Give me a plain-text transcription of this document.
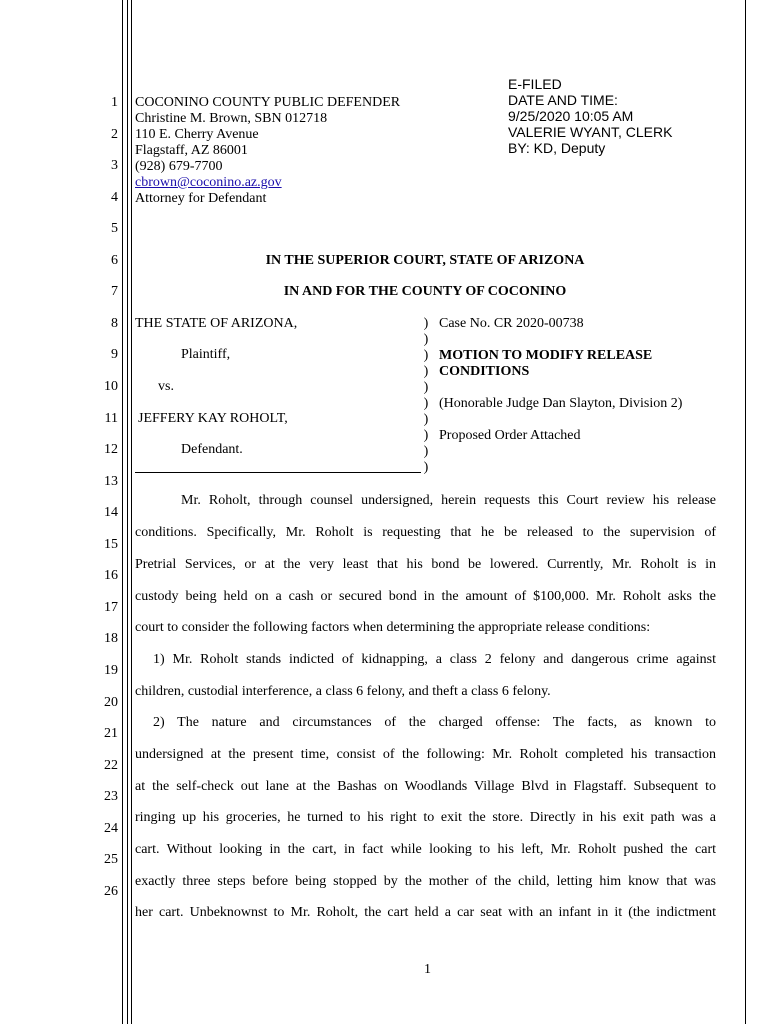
1
2
3
4
5
6
7
8
9
10
11
12
13
14
15
16
17
18
19
20
21
22
23
24
25
26
COCONINO COUNTY PUBLIC DEFENDER
Christine M. Brown, SBN 012718
110 E. Cherry Avenue
Flagstaff, AZ 86001
(928) 679-7700
cbrown@coconino.az.gov
Attorney for Defendant
E-FILED
DATE AND TIME:
9/25/2020 10:05 AM
VALERIE WYANT, CLERK
BY: KD, Deputy
IN THE SUPERIOR COURT, STATE OF ARIZONA
IN AND FOR THE COUNTY OF COCONINO
THE STATE OF ARIZONA,
Plaintiff,
vs.
JEFFERY KAY ROHOLT,
Defendant.
)
)
)
)
)
)
)
)
)
)
Case No. CR 2020-00738
MOTION TO MODIFY RELEASE
CONDITIONS
(Honorable Judge Dan Slayton, Division 2)
Proposed Order Attached
Mr. Roholt, through counsel undersigned, herein requests this Court review his release
conditions. Specifically, Mr. Roholt is requesting that he be released to the supervision of
Pretrial Services, or at the very least that his bond be lowered. Currently, Mr. Roholt is in
custody being held on a cash or secured bond in the amount of $100,000. Mr. Roholt asks the
court to consider the following factors when determining the appropriate release conditions:
1) Mr. Roholt stands indicted of kidnapping, a class 2 felony and dangerous crime against
children, custodial interference, a class 6 felony, and theft a class 6 felony.
2) The nature and circumstances of the charged offense: The facts, as known to
undersigned at the present time, consist of the following: Mr. Roholt completed his transaction
at the self-check out lane at the Bashas on Woodlands Village Blvd in Flagstaff. Subsequent to
ringing up his groceries, he turned to his right to exit the store. Directly in his exit path was a
cart. Without looking in the cart, in fact while looking to his left, Mr. Roholt pushed the cart
exactly three steps before being stopped by the mother of the child, letting him know that was
her cart. Unbeknownst to Mr. Roholt, the cart held a car seat with an infant in it (the indictment
1
